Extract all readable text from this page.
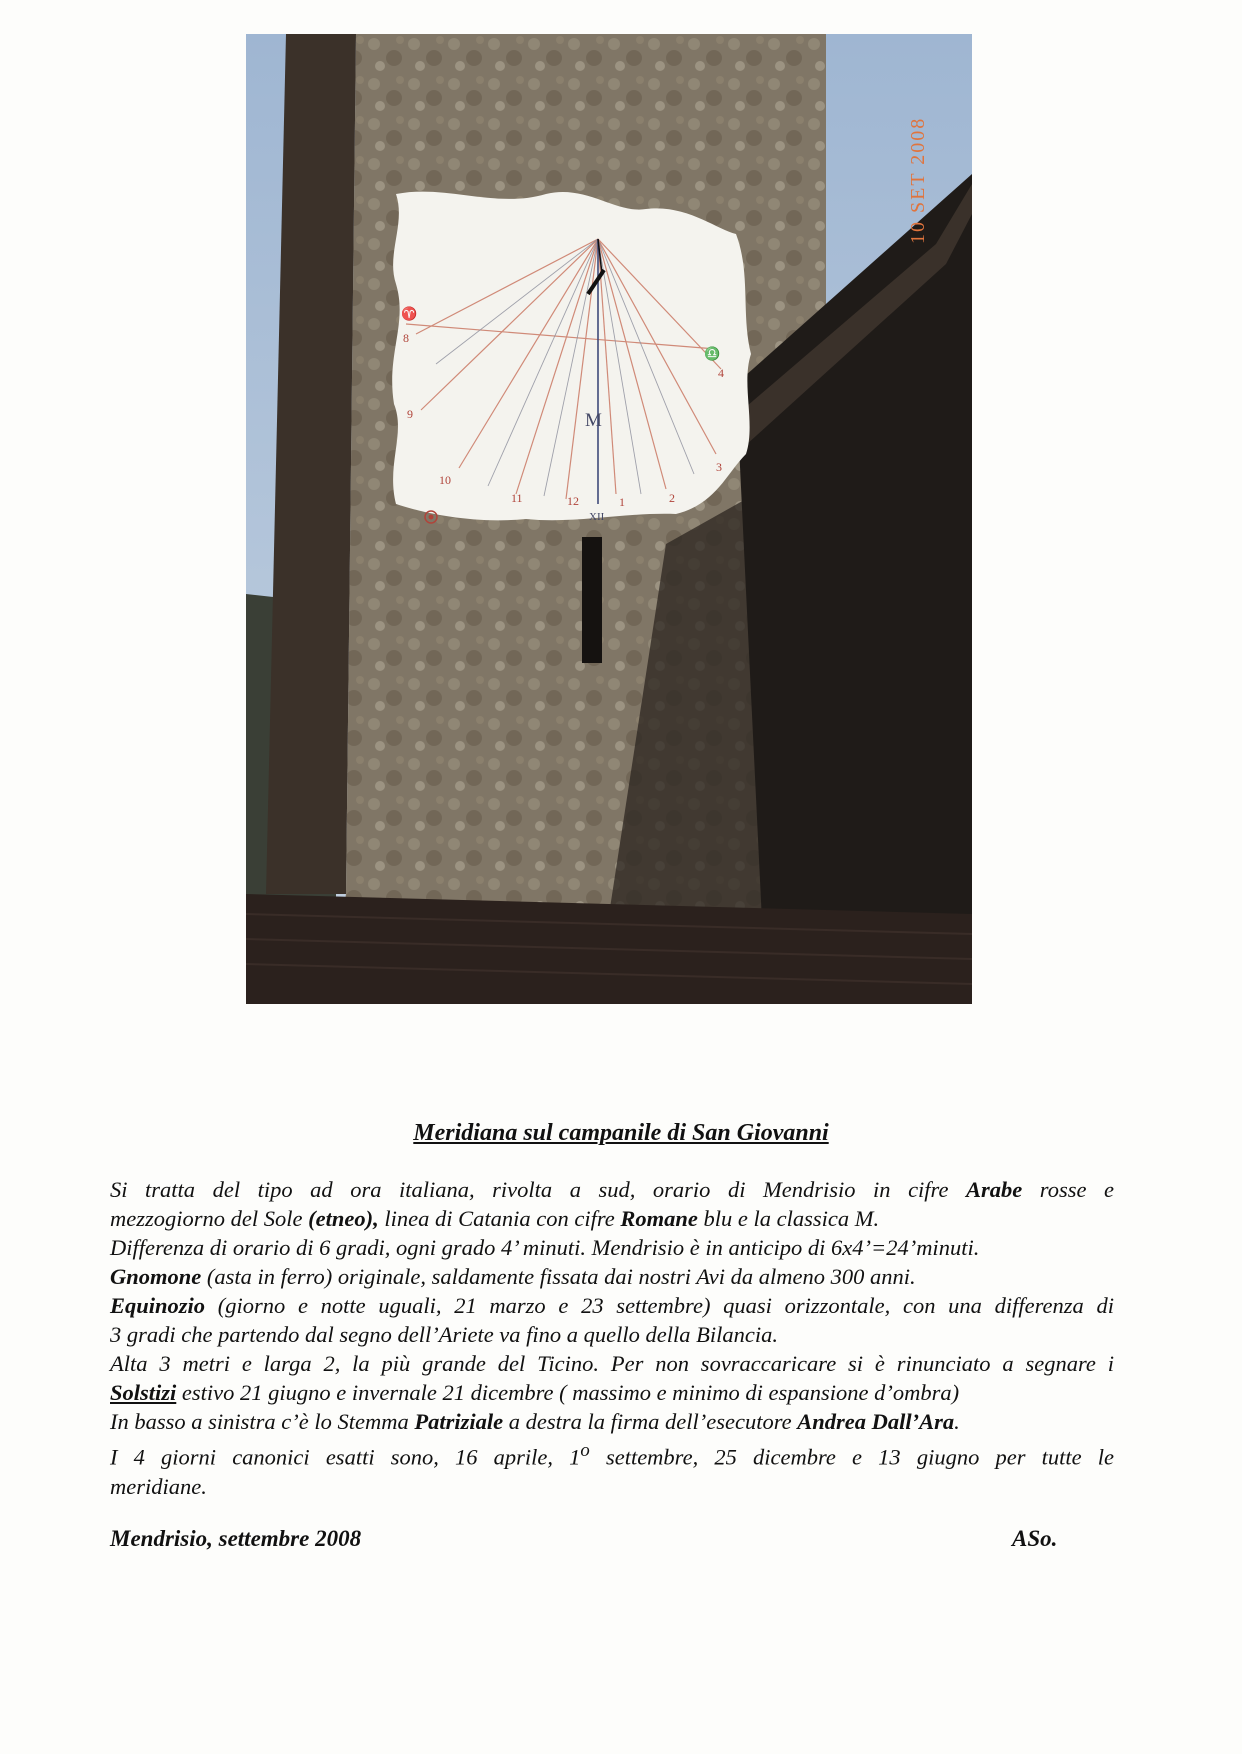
M
XII
♈
♎
8
9
10
11	12
4
3
2
1
10 SET 2008
Meridiana sul campanile di San Giovanni

Si tratta del tipo ad ora italiana, rivolta a sud, orario di Mendrisio in cifre Arabe rosse e

mezzogiorno del Sole (etneo), linea di Catania con cifre Romane blu e la classica M.

Differenza di orario di 6 gradi, ogni grado 4’ minuti. Mendrisio è in anticipo di 6x4’=24’minuti.

Gnomone (asta in ferro) originale, saldamente fissata dai nostri Avi da almeno 300 anni.

Equinozio (giorno e notte uguali, 21 marzo e 23 settembre) quasi orizzontale, con una differenza di

3 gradi che partendo dal segno dell’Ariete va fino a quello della Bilancia.

Alta 3 metri e larga 2, la più grande del Ticino. Per non sovraccaricare si è rinunciato a segnare i

Solstizi estivo 21 giugno e invernale 21 dicembre ( massimo e minimo di espansione d’ombra)

In basso a sinistra c’è lo Stemma Patriziale a destra la firma dell’esecutore Andrea Dall’Ara.

I 4 giorni canonici esatti sono, 16 aprile, 1$^o$ settembre, 25 dicembre e 13 giugno per tutte le

meridiane.

Mendrisio, settembre 2008	ASo.
